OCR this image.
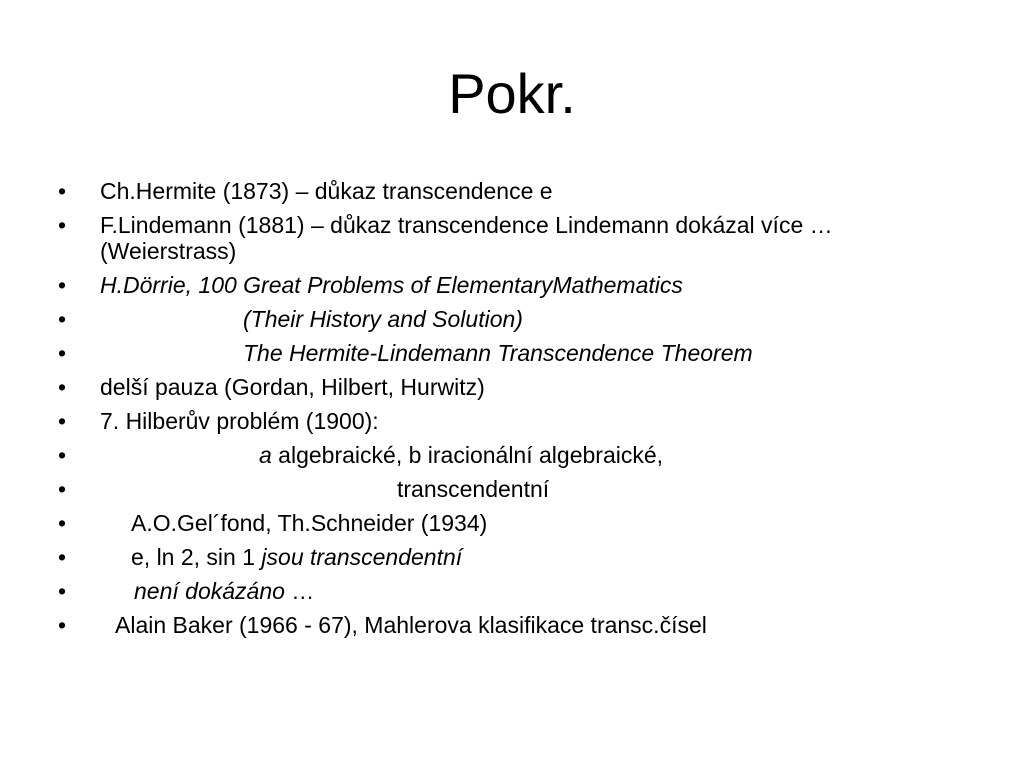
Pokr.
• Ch.Hermite (1873) – důkaz transcendence e
• F.Lindemann (1881) – důkaz transcendence Lindemann dokázal více … (Weierstrass)
• H.Dörrie, 100 Great Problems of ElementaryMathematics
•	(Their History and Solution)
•	The Hermite-Lindemann Transcendence Theorem
• delší pauza (Gordan, Hilbert, Hurwitz)
• 7. Hilberův problém (1900):
•	a algebraické, b iracionální algebraické,
•	transcendentní
•	A.O.Gel´fond, Th.Schneider (1934)
•	e, ln 2, sin 1 jsou transcendentní
•	není dokázáno …
• Alain Baker (1966 - 67), Mahlerova klasifikace transc.čísel
